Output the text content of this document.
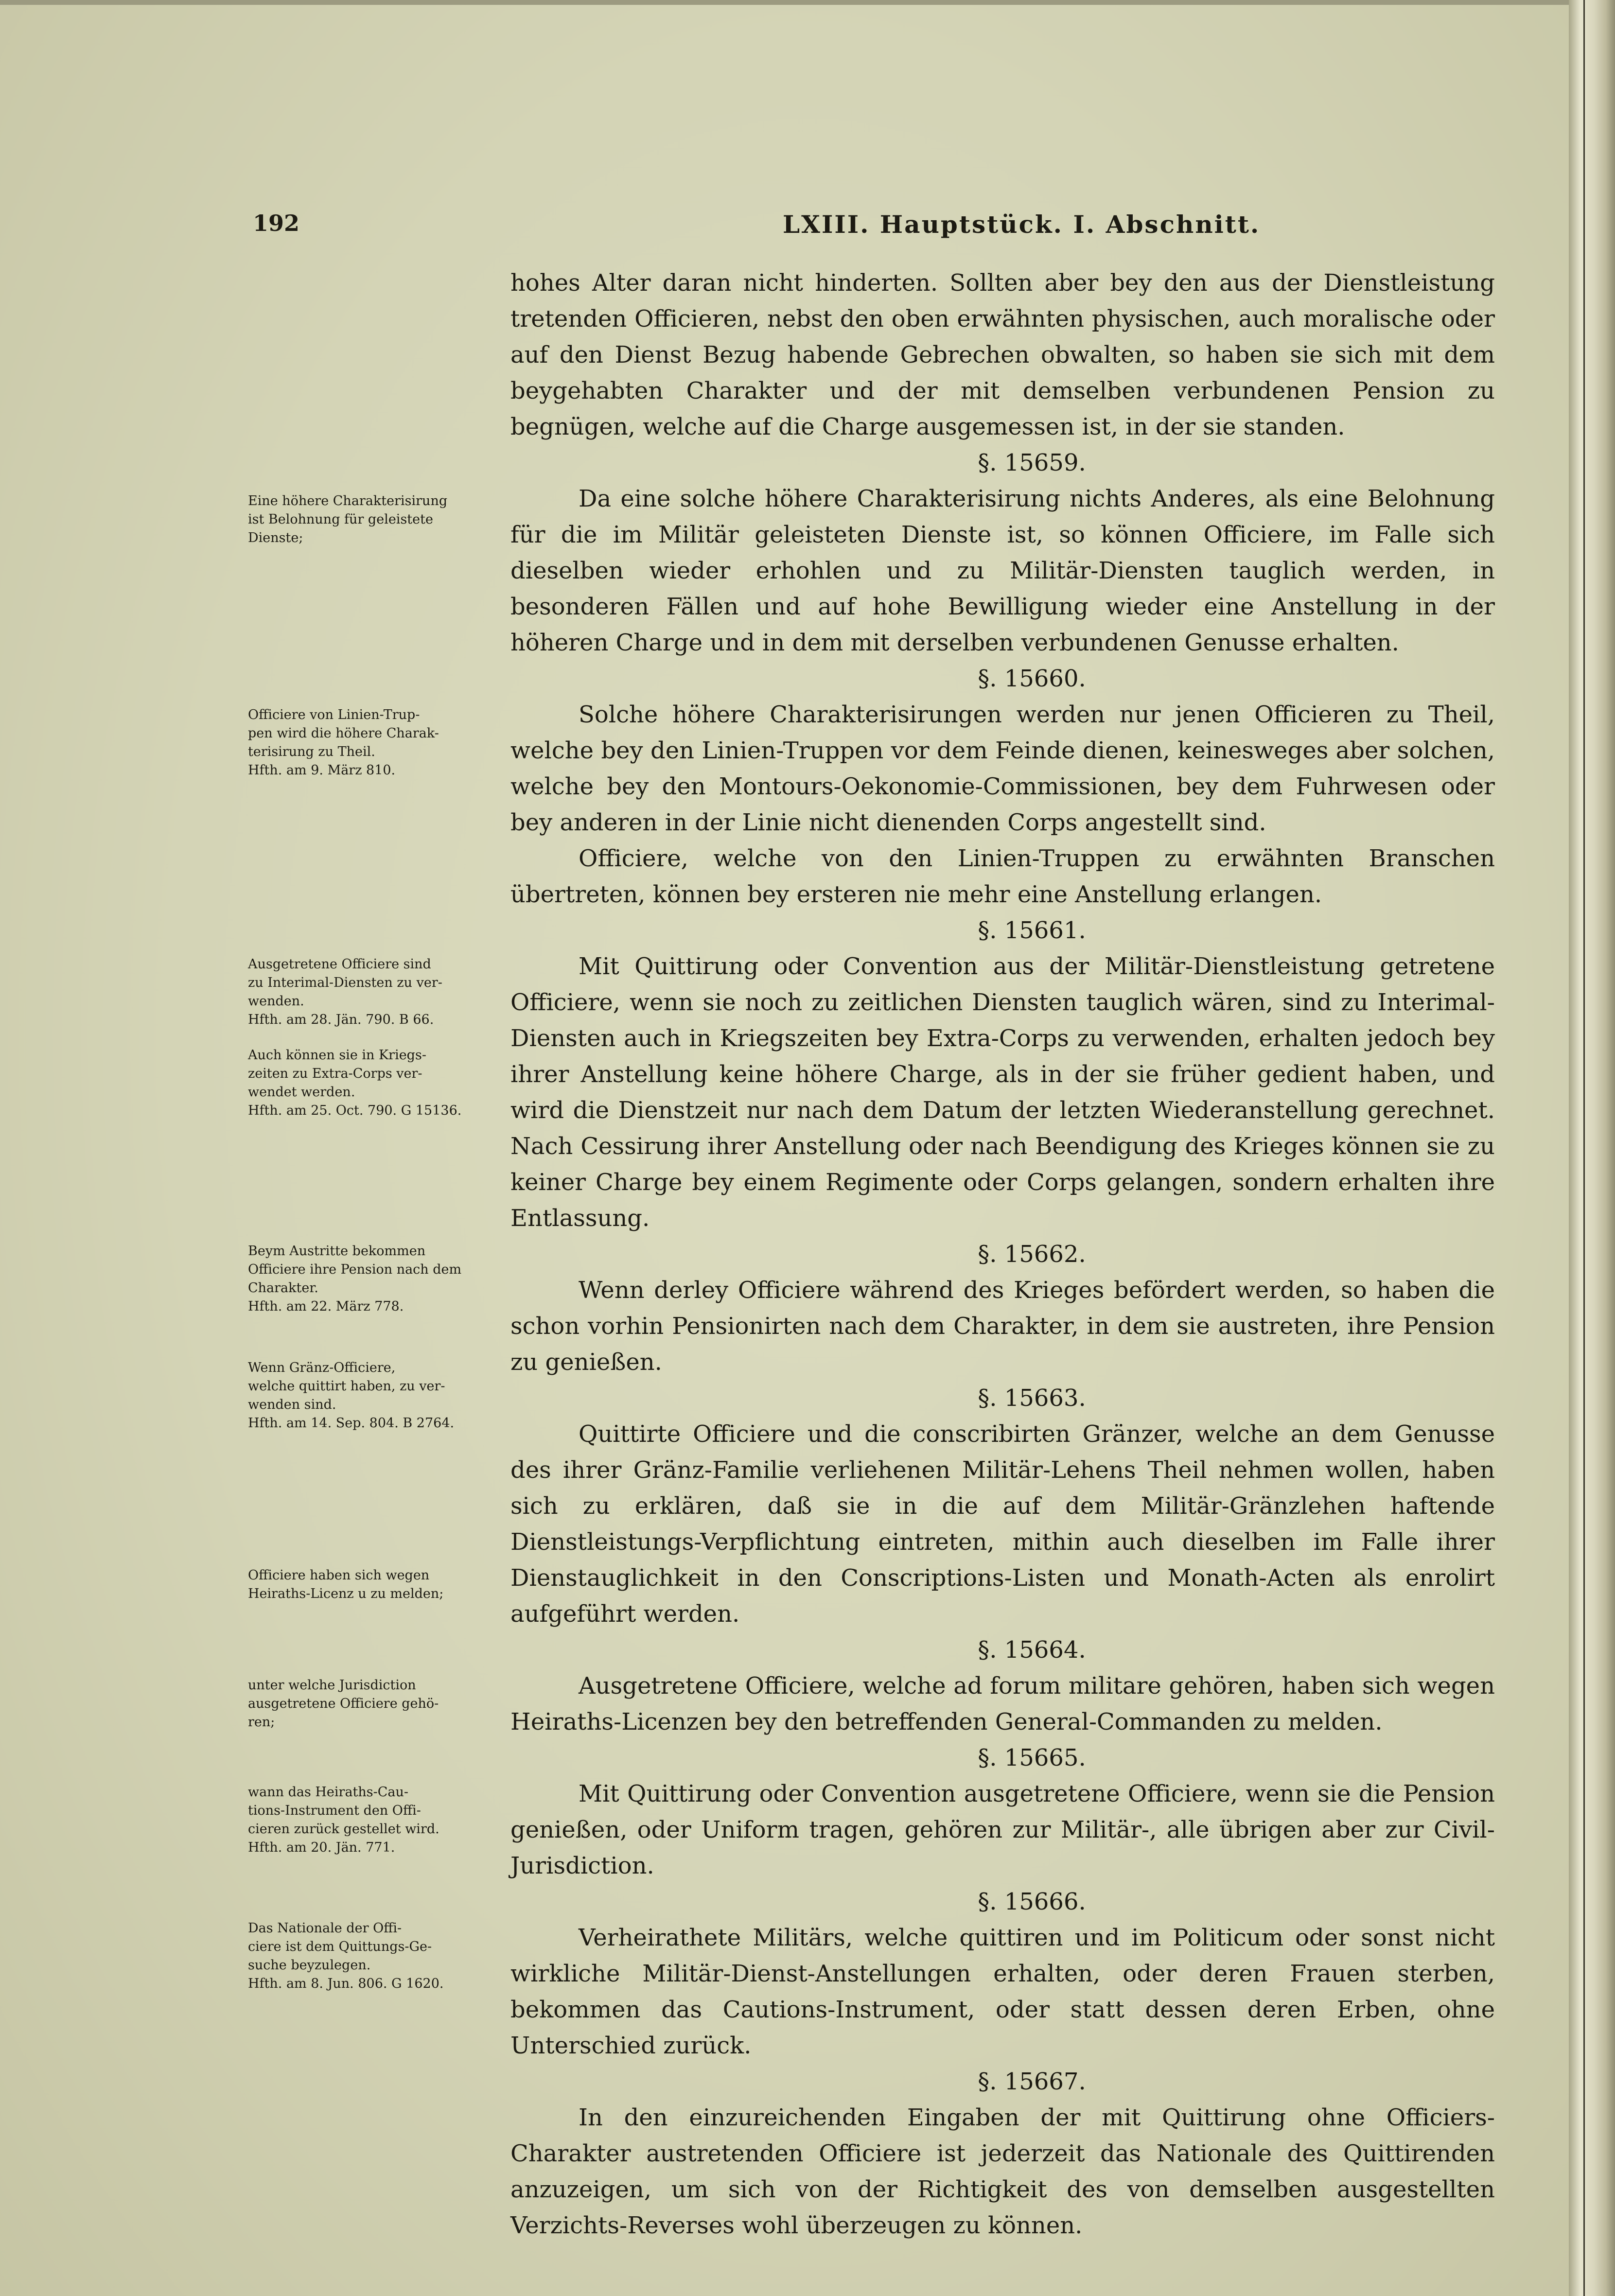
192	LXIII. Hauptstück. I. Abschnitt.

Eine höhere Charakterisirung

ist Belohnung für geleistete

Dienste;

Officiere von Linien-Trup-

pen wird die höhere Charak-

terisirung zu Theil.

Hfth. am 9. März 810.

Ausgetretene Officiere sind

zu Interimal-Diensten zu ver-

wenden.

Hfth. am 28. Jän. 790. B 66.

Auch können sie in Kriegs-

zeiten zu Extra-Corps ver-

wendet werden.

Hfth. am 25. Oct. 790. G 15136.

Beym Austritte bekommen

Officiere ihre Pension nach dem

Charakter.

Hfth. am 22. März 778.

Wenn Gränz-Officiere,

welche quittirt haben, zu ver-

wenden sind.

Hfth. am 14. Sep. 804. B 2764.

Officiere haben sich wegen

Heiraths-Licenz u zu melden;

unter welche Jurisdiction

ausgetretene Officiere gehö-

ren;

wann das Heiraths-Cau-

tions-Instrument den Offi-

cieren zurück gestellet wird.

Hfth. am 20. Jän. 771.

Das Nationale der Offi-

ciere ist dem Quittungs-Ge-

suche beyzulegen.

Hfth. am 8. Jun. 806. G 1620.

hohes Alter daran nicht hinderten. Sollten aber bey den aus der Dienstleistung tretenden Officieren, nebst den oben erwähnten physischen, auch moralische oder auf den Dienst Bezug habende Gebrechen obwalten, so haben sie sich mit dem beygehabten Charakter und der mit demselben verbundenen Pension zu begnügen, welche auf die Charge ausgemessen ist, in der sie standen.

§. 15659.

Da eine solche höhere Charakterisirung nichts Anderes, als eine Belohnung für die im Militär geleisteten Dienste ist, so können Officiere, im Falle sich dieselben wieder erhohlen und zu Militär-Diensten tauglich werden, in besonderen Fällen und auf hohe Bewilligung wieder eine Anstellung in der höheren Charge und in dem mit derselben verbundenen Genusse erhalten.

§. 15660.

Solche höhere Charakterisirungen werden nur jenen Officieren zu Theil, welche bey den Linien-Truppen vor dem Feinde dienen, keinesweges aber solchen, welche bey den Montours-Oekonomie-Commissionen, bey dem Fuhrwesen oder bey anderen in der Linie nicht dienenden Corps angestellt sind.

Officiere, welche von den Linien-Truppen zu erwähnten Branschen übertreten, können bey ersteren nie mehr eine Anstellung erlangen.

§. 15661.

Mit Quittirung oder Convention aus der Militär-Dienstleistung getretene Officiere, wenn sie noch zu zeitlichen Diensten tauglich wären, sind zu Interimal-Diensten auch in Kriegszeiten bey Extra-Corps zu verwenden, erhalten jedoch bey ihrer Anstellung keine höhere Charge, als in der sie früher gedient haben, und wird die Dienstzeit nur nach dem Datum der letzten Wiederanstellung gerechnet. Nach Cessirung ihrer Anstellung oder nach Beendigung des Krieges können sie zu keiner Charge bey einem Regimente oder Corps gelangen, sondern erhalten ihre Entlassung.

§. 15662.

Wenn derley Officiere während des Krieges befördert werden, so haben die schon vorhin Pensionirten nach dem Charakter, in dem sie austreten, ihre Pension zu genießen.

§. 15663.

Quittirte Officiere und die conscribirten Gränzer, welche an dem Genusse des ihrer Gränz-Familie verliehenen Militär-Lehens Theil nehmen wollen, haben sich zu erklären, daß sie in die auf dem Militär-Gränzlehen haftende Dienstleistungs-Verpflichtung eintreten, mithin auch dieselben im Falle ihrer Dienstauglichkeit in den Conscriptions-Listen und Monath-Acten als enrolirt aufgeführt werden.

§. 15664.

Ausgetretene Officiere, welche ad forum militare gehören, haben sich wegen Heiraths-Licenzen bey den betreffenden General-Commanden zu melden.

§. 15665.

Mit Quittirung oder Convention ausgetretene Officiere, wenn sie die Pension genießen, oder Uniform tragen, gehören zur Militär-, alle übrigen aber zur Civil-Jurisdiction.

§. 15666.

Verheirathete Militärs, welche quittiren und im Politicum oder sonst nicht wirkliche Militär-Dienst-Anstellungen erhalten, oder deren Frauen sterben, bekommen das Cautions-Instrument, oder statt dessen deren Erben, ohne Unterschied zurück.

§. 15667.

In den einzureichenden Eingaben der mit Quittirung ohne Officiers-Charakter austretenden Officiere ist jederzeit das Nationale des Quittirenden anzuzeigen, um sich von der Richtigkeit des von demselben ausgestellten Verzichts-Reverses wohl überzeugen zu können.
